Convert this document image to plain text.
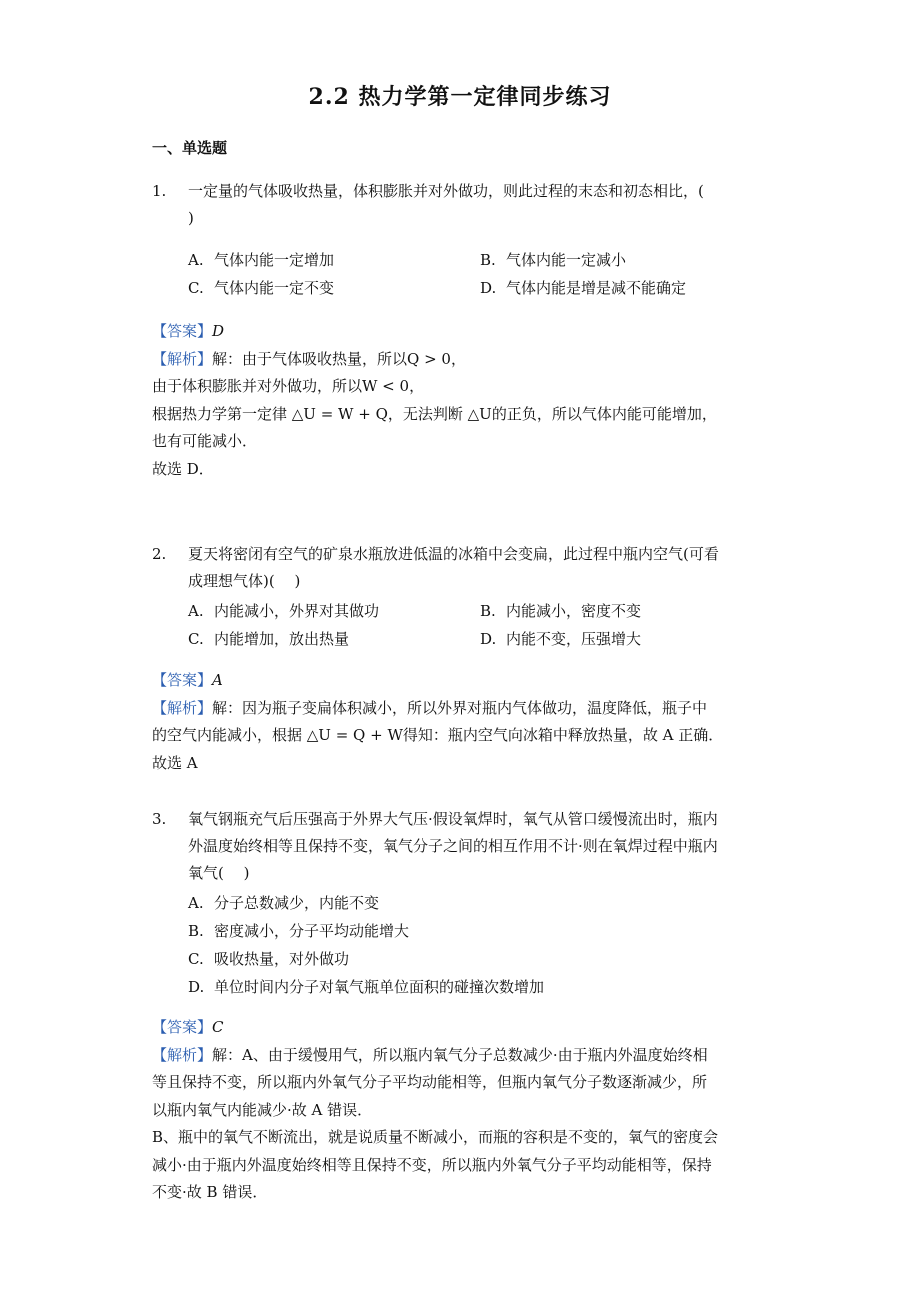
2.2 热力学第一定律同步练习
一、单选题
1.	一定量的气体吸收热量，体积膨胀并对外做功，则此过程的末态和初态相比，(
)
A. 气体内能一定增加	B. 气体内能一定减小
C. 气体内能一定不变	D. 气体内能是增是减不能确定
【答案】D
【解析】解：由于气体吸收热量，所以Q > 0，
由于体积膨胀并对外做功，所以W < 0，
根据热力学第一定律 △U = W + Q，无法判断 △U的正负，所以气体内能可能增加，
也有可能减小．
故选 D．
2.	夏天将密闭有空气的矿泉水瓶放进低温的冰箱中会变扁，此过程中瓶内空气(可看
成理想气体)(　 )
A. 内能减小，外界对其做功	B. 内能减小，密度不变
C. 内能增加，放出热量	D. 内能不变，压强增大
【答案】A
【解析】解：因为瓶子变扁体积减小，所以外界对瓶内气体做功，温度降低，瓶子中
的空气内能减小，根据 △U = Q + W得知：瓶内空气向冰箱中释放热量，故 A 正确．
故选 A
3.	氧气钢瓶充气后压强高于外界大气压·假设氧焊时，氧气从管口缓慢流出时，瓶内
外温度始终相等且保持不变，氧气分子之间的相互作用不计·则在氧焊过程中瓶内
氧气(　 )
A. 分子总数减少，内能不变
B. 密度减小，分子平均动能增大
C. 吸收热量，对外做功
D. 单位时间内分子对氧气瓶单位面积的碰撞次数增加
【答案】C
【解析】解：A、由于缓慢用气，所以瓶内氧气分子总数减少·由于瓶内外温度始终相
等且保持不变，所以瓶内外氧气分子平均动能相等，但瓶内氧气分子数逐渐减少，所
以瓶内氧气内能减少·故 A 错误．
B、瓶中的氧气不断流出，就是说质量不断减小，而瓶的容积是不变的，氧气的密度会
减小·由于瓶内外温度始终相等且保持不变，所以瓶内外氧气分子平均动能相等，保持
不变·故 B 错误．
